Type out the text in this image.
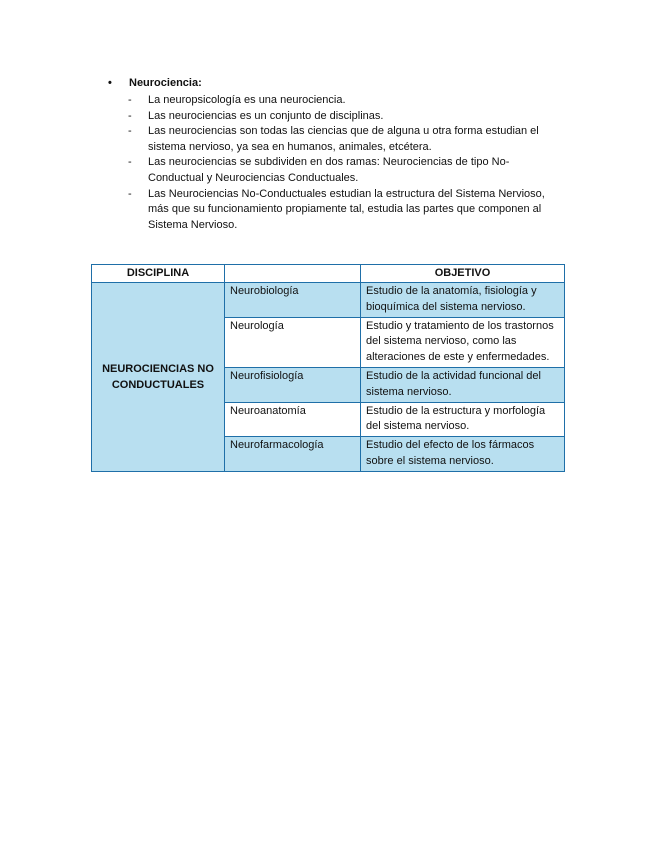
•	Neurociencia:
-	La neuropsicología es una neurociencia.
-	Las neurociencias es un conjunto de disciplinas.
-	Las neurociencias son todas las ciencias que de alguna u otra forma estudian el sistema nervioso, ya sea en humanos, animales, etcétera.
-	Las neurociencias se subdividen en dos ramas: Neurociencias de tipo No-Conductual y Neurociencias Conductuales.
-	Las Neurociencias No-Conductuales estudian la estructura del Sistema Nervioso, más que su funcionamiento propiamente tal, estudia las partes que componen al Sistema Nervioso.
DISCIPLINA		OBJETIVO
NEUROCIENCIAS NO CONDUCTUALES	Neurobiología	Estudio de la anatomía, fisiología y bioquímica del sistema nervioso.
	Neurología	Estudio y tratamiento de los trastornos del sistema nervioso, como las alteraciones de este y enfermedades.
	Neurofisiología	Estudio de la actividad funcional del sistema nervioso.
	Neuroanatomía	Estudio de la estructura y morfología del sistema nervioso.
	Neurofarmacología	Estudio del efecto de los fármacos sobre el sistema nervioso.
